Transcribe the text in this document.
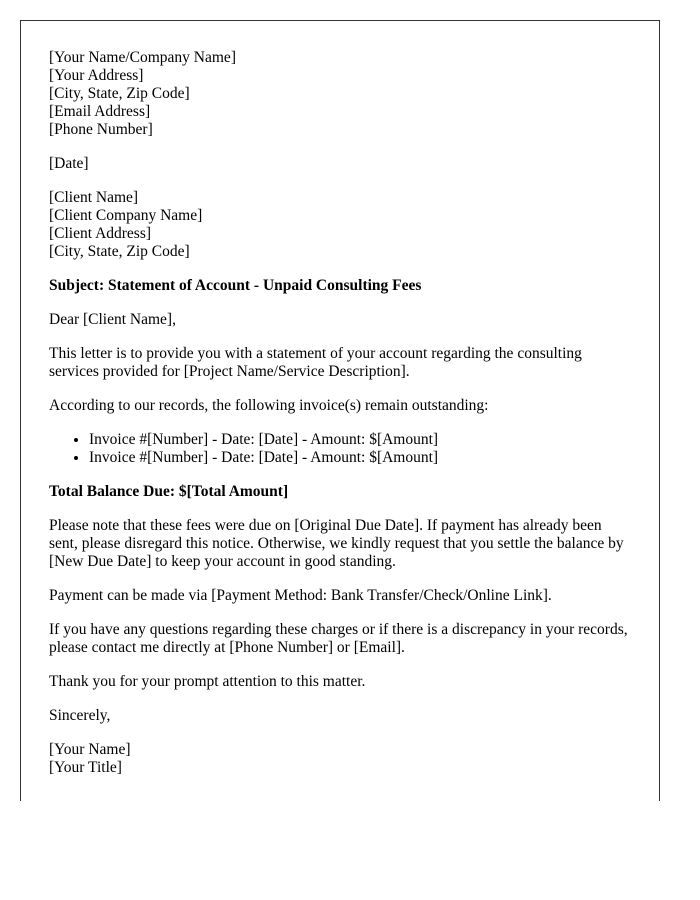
[Your Name/Company Name]
[Your Address]
[City, State, Zip Code]
[Email Address]
[Phone Number]
[Date]
[Client Name]
[Client Company Name]
[Client Address]
[City, State, Zip Code]

Subject: Statement of Account - Unpaid Consulting Fees

Dear [Client Name],

This letter is to provide you with a statement of your account regarding the consulting services provided for [Project Name/Service Description].

According to our records, the following invoice(s) remain outstanding:

• Invoice #[Number] - Date: [Date] - Amount: $[Amount]
• Invoice #[Number] - Date: [Date] - Amount: $[Amount]

Total Balance Due: $[Total Amount]

Please note that these fees were due on [Original Due Date]. If payment has already been sent, please disregard this notice. Otherwise, we kindly request that you settle the balance by [New Due Date] to keep your account in good standing.

Payment can be made via [Payment Method: Bank Transfer/Check/Online Link].

If you have any questions regarding these charges or if there is a discrepancy in your records, please contact me directly at [Phone Number] or [Email].

Thank you for your prompt attention to this matter.

Sincerely,

[Your Name]
[Your Title]
